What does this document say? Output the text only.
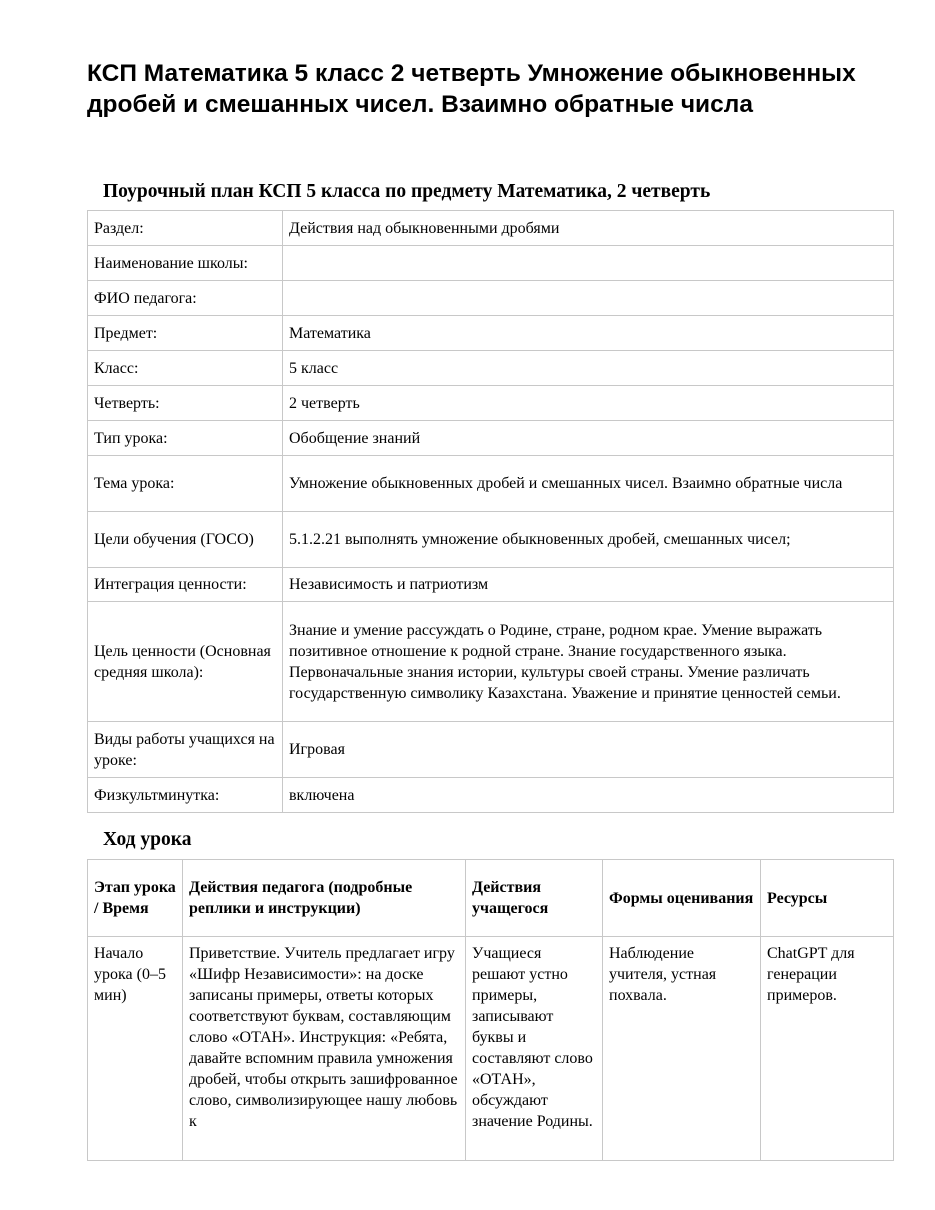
КСП Математика 5 класс 2 четверть Умножение обыкновенных дробей и смешанных чисел. Взаимно обратные числа
Поурочный план КСП 5 класса по предмету Математика, 2 четверть
Раздел:	Действия над обыкновенными дробями
Наименование школы:	
ФИО педагога:	
Предмет:	Математика
Класс:	5 класс
Четверть:	2 четверть
Тип урока:	Обобщение знаний
Тема урока:	Умножение обыкновенных дробей и смешанных чисел. Взаимно обратные числа
Цели обучения (ГОСО)	5.1.2.21 выполнять умножение обыкновенных дробей, смешанных чисел;
Интеграция ценности:	Независимость и патриотизм
Цель ценности (Основная средняя школа):	Знание и умение рассуждать о Родине, стране, родном крае. Умение выражать позитивное отношение к родной стране. Знание государственного языка. Первоначальные знания истории, культуры своей страны. Умение различать государственную символику Казахстана. Уважение и принятие ценностей семьи.
Виды работы учащихся на уроке:	Игровая
Физкультминутка:	включена
Ход урока
Этап урока / Время	Действия педагога (подробные реплики и инструкции)	Действия учащегося	Формы оценивания	Ресурсы
Начало урока (0–5 мин)	Приветствие. Учитель предлагает игру «Шифр Независимости»: на доске записаны примеры, ответы которых соответствуют буквам, составляющим слово «ОТАН». Инструкция: «Ребята, давайте вспомним правила умножения дробей, чтобы открыть зашифрованное слово, символизирующее нашу любовь к	Учащиеся решают устно примеры, записывают буквы и составляют слово «ОТАН», обсуждают значение Родины.	Наблюдение учителя, устная похвала.	ChatGPT для генерации примеров.
